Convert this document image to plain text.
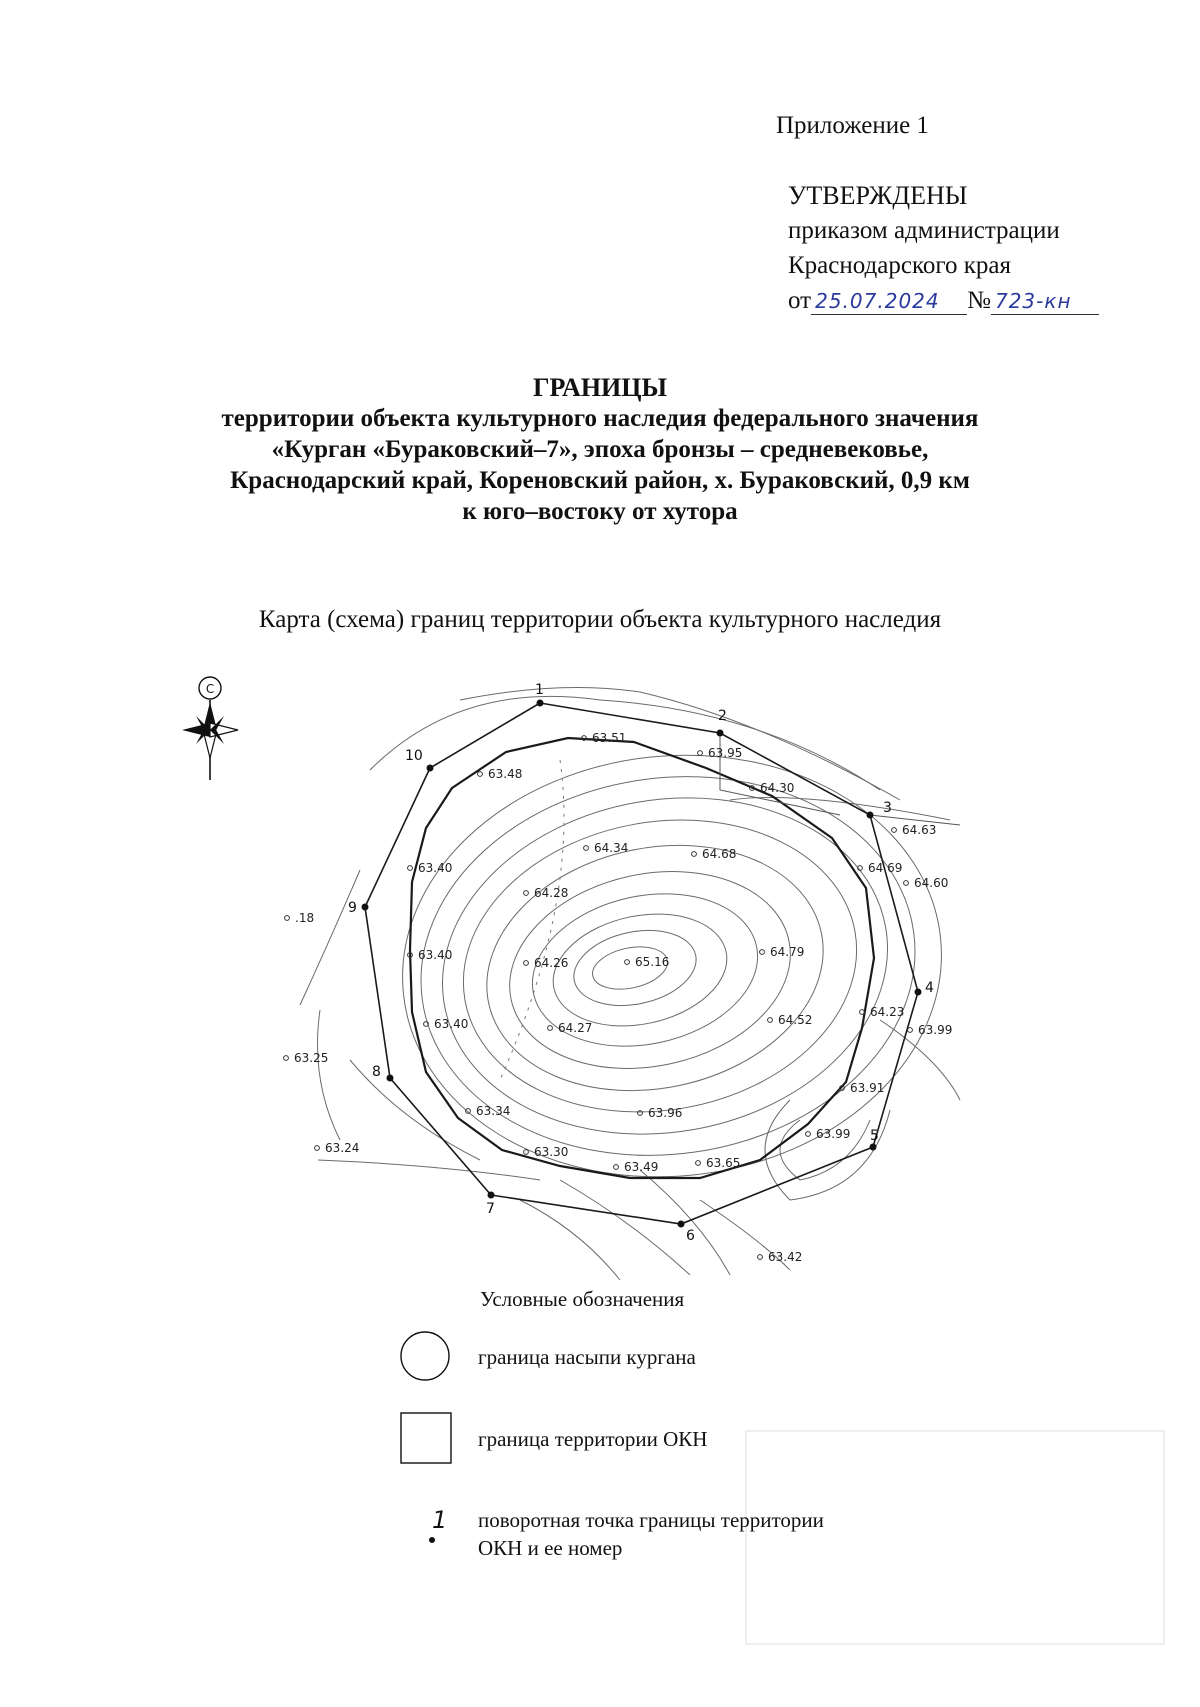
Приложение 1
УТВЕРЖДЕНЫ
приказом администрации
Краснодарского края
от 25.07.2024 № 723-кн
ГРАНИЦЫ
территории объекта культурного наследия федерального значения
«Курган «Бураковский–7», эпоха бронзы – средневековье,
Краснодарский край, Кореновский район, х. Бураковский, 0,9 км
к юго–востоку от хутора
Карта (схема) границ территории объекта культурного наследия
1
2
3
4
5
6
7
8
9
10
63.51
63.95
63.48
64.30
64.63
64.34	64.68
63.40	64.69
64.60
64.28
.18
63.40
64.26	65.16
64.79
64.23
63.40	64.27
64.52
63.99
63.25
63.91
63.34	63.96
63.99
63.24	63.30
63.49	63.65
63.42
С
1
Условные обозначения
граница насыпи кургана
граница территории ОКН
поворотная точка границы территории
ОКН и ее номер
